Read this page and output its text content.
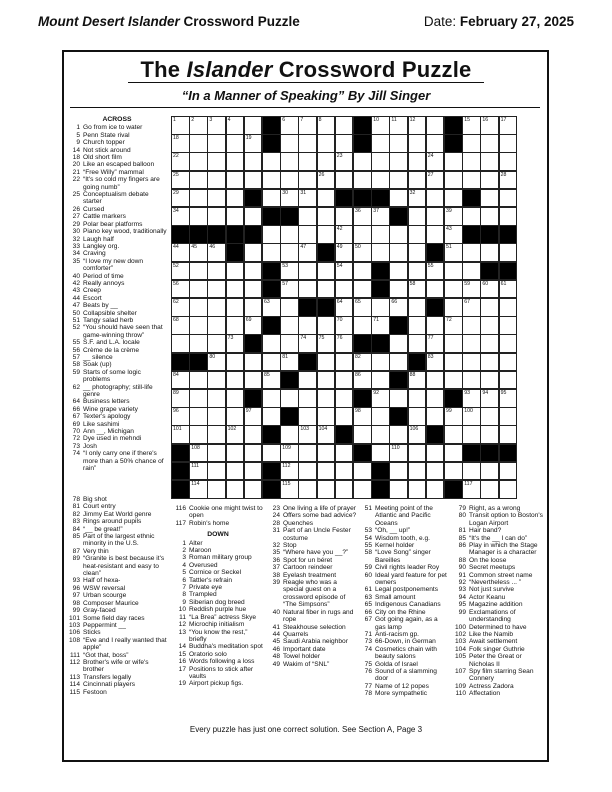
Mount Desert Islander Crossword Puzzle	Date: February 27, 2025
The Islander Crossword Puzzle
“In a Manner of Speaking” By Jill Singer
1	2	3	4	6	7	8	10 11 12	15 16 17
18	19
22	23	24
25	26	27	28
29	30 31	32
34	36 37	39
42	43
44 45 46	47	49 50	51
52	53	54	55
56	57	58	59 60 61
62	63	64 65	66	67
68	69	70	71	72
73	74 75 76	77
80	81	82	83
84	85	86	88
89	92	93 94 95
96	97	98	99 100
101	102	103 104	106
108	109	110
111	112
114	115	117
ACROSS
1 Go from ice to water
5 Penn State rival
9 Church topper
14 Not stick around
18 Old short film
20 Like an escaped balloon
21 “Free Willy” mammal
22 “It's so cold my fingers are going numb”
25 Conceptualism debate starter
26 Cursed
27 Cattle markers
29 Polar bear platforms
30 Piano key wood, traditionally
32 Laugh half
33 Langley org.
34 Craving
35 “I love my new down comforter”
40 Period of time
42 Really annoys
43 Creep
44 Escort
47 Beats by __
50 Collapsible shelter
51 Tangy salad herb
52 “You should have seen that game-winning throw”
55 S.F. and L.A. locale
56 Crème de la crème
57 __ silence
58 Soak (up)
59 Starts of some logic problems
62 __ photography; still-life genre
64 Business letters
66 Wine grape variety
67 Texter's apology
69 Like sashimi
70 Ann __, Michigan
72 Dye used in mehndi
73 Josh
74 “I only carry one if there's more than a 50% chance of rain”
78 Big shot
81 Court entry
82 Jimmy Eat World genre
83 Rings around pupils
84 “__ be great!”
85 Part of the largest ethnic minority in the U.S.
87 Very thin
89 “Granite is best because it's heat-resistant and easy to clean”
93 Half of hexa-
96 WSW reversal
97 Urban scourge
98 Composer Maurice
99 Gray-faced
101 Some field day races
103 Peppermint __
106 Sticks
108 “Eve and I really wanted that apple”
111 “Got that, boss”
112 Brother's wife or wife's brother
113 Transfers legally
114 Cincinnati players
115 Festoon
116 Cookie one might twist to open
117 Robin's home
DOWN
1 Alter
2 Maroon
3 Roman military group
4 Overused
5 Cornice or Seckel
6 Tattler's refrain
7 Private eye
8 Trampled
9 Siberian dog breed
10 Reddish purple hue
11 “La Brea” actress Skye
12 Microchip initialism
13 “You know the rest,” briefly
14 Buddha's meditation spot
15 Oratorio solo
16 Words following a loss
17 Positions to stick after vaults
19 Airport pickup figs.
23 One living a life of prayer
24 Offers some bad advice?
28 Quenches
31 Part of an Uncle Fester costume
32 Stop
35 “Where have you __?”
36 Spot for un béret
37 Cartoon reindeer
38 Eyelash treatment
39 Reagle who was a special guest on a crossword episode of “The Simpsons”
40 Natural fiber in rugs and rope
41 Steakhouse selection
44 Quarrels
45 Saudi Arabia neighbor
46 Important date
48 Towel holder
49 Wakim of “SNL”
51 Meeting point of the Atlantic and Pacific Oceans
53 “Oh, __ up!”
54 Wisdom tooth, e.g.
55 Kernel holder
58 “Love Song” singer Bareilles
59 Civil rights leader Roy
60 Ideal yard feature for pet owners
61 Legal postponements
63 Small amount
65 Indigenous Canadians
66 City on the Rhine
67 Got going again, as a gas lamp
71 Anti-racism gp.
73 66-Down, in German
74 Cosmetics chain with beauty salons
75 Golda of Israel
76 Sound of a slamming door
77 Name of 12 popes
78 More sympathetic
79 Right, as a wrong
80 Transit option to Boston's Logan Airport
81 Hair band?
85 “It's the __ I can do”
86 Play in which the Stage Manager is a character
88 On the loose
90 Secret meetups
91 Common street name
92 “Nevertheless ... ”
93 Not just survive
94 Actor Keanu
95 Magazine addition
99 Exclamations of understanding
100 Determined to have
102 Like the Namib
103 Await settlement
104 Folk singer Guthrie
105 Peter the Great or Nicholas II
107 Spy film starring Sean Connery
109 Actress Zadora
110 Affectation
Every puzzle has just one correct solution. See Section A, Page 3
